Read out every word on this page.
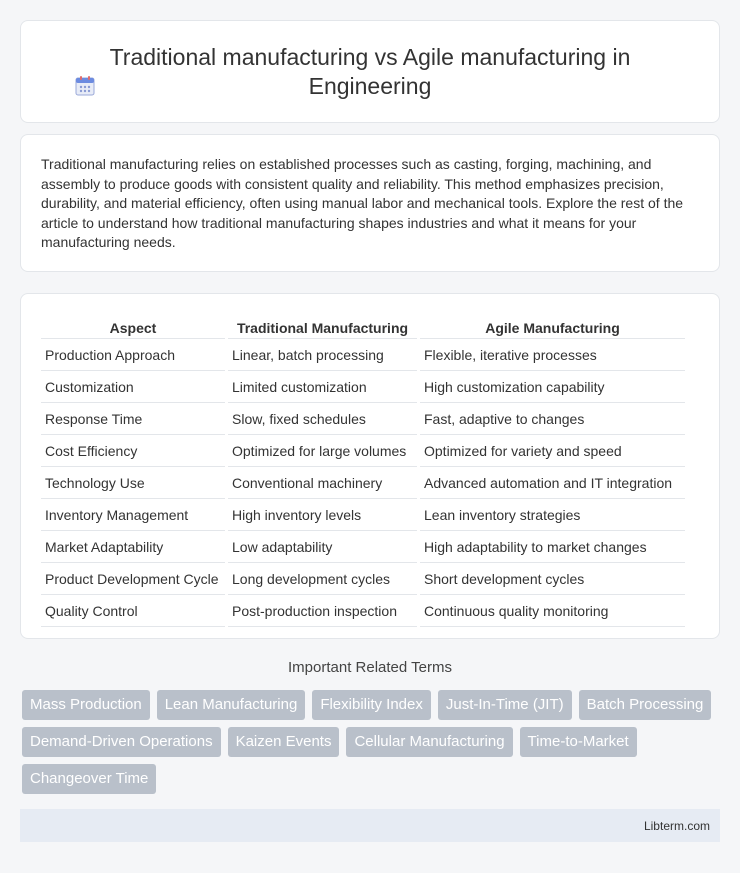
Traditional manufacturing vs Agile manufacturing in Engineering

Traditional manufacturing relies on established processes such as casting, forging, machining, and assembly to produce goods with consistent quality and reliability. This method emphasizes precision, durability, and material efficiency, often using manual labor and mechanical tools. Explore the rest of the article to understand how traditional manufacturing shapes industries and what it means for your manufacturing needs.

Aspect	Traditional Manufacturing	Agile Manufacturing
Production Approach	Linear, batch processing	Flexible, iterative processes
Customization	Limited customization	High customization capability
Response Time	Slow, fixed schedules	Fast, adaptive to changes
Cost Efficiency	Optimized for large volumes	Optimized for variety and speed
Technology Use	Conventional machinery	Advanced automation and IT integration
Inventory Management	High inventory levels	Lean inventory strategies
Market Adaptability	Low adaptability	High adaptability to market changes
Product Development Cycle	Long development cycles	Short development cycles
Quality Control	Post-production inspection	Continuous quality monitoring
Important Related Terms
Mass Production	Lean Manufacturing	Flexibility Index	Just-In-Time (JIT)	Batch Processing
Demand-Driven Operations	Kaizen Events	Cellular Manufacturing	Time-to-Market
Changeover Time
Libterm.com
